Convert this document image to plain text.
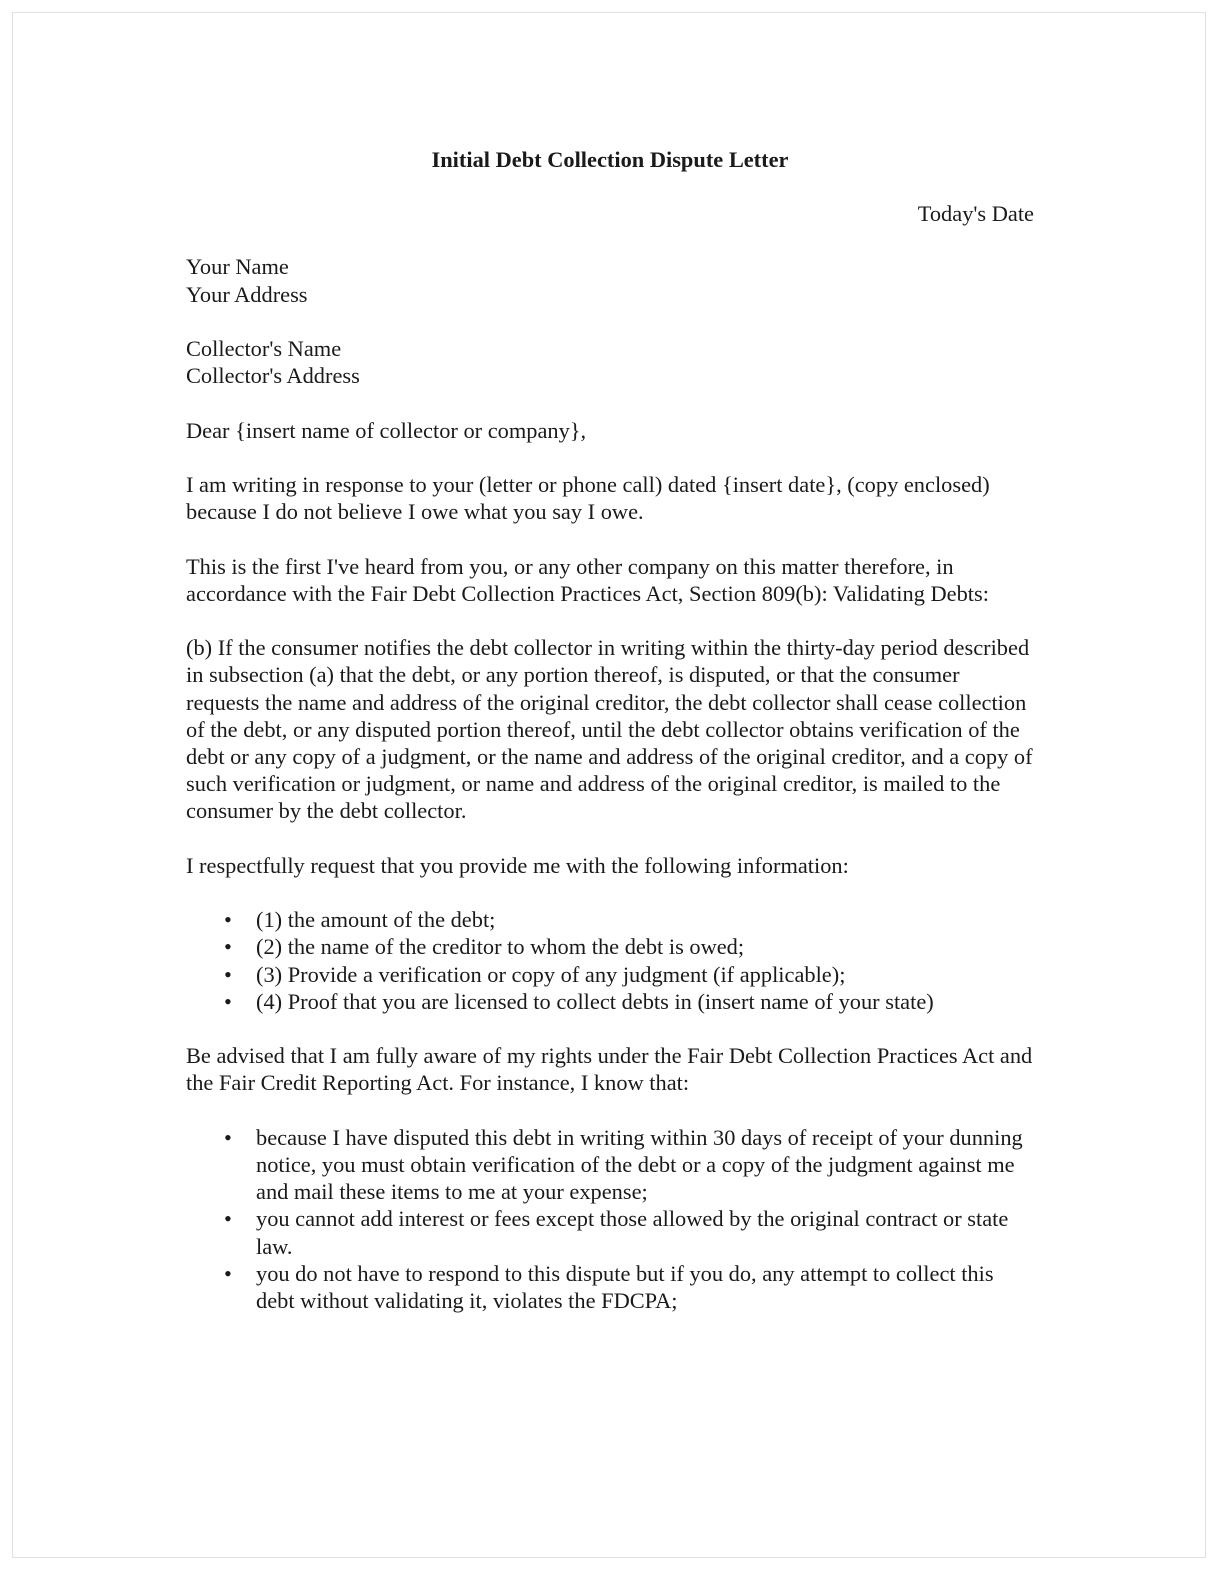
Initial Debt Collection Dispute Letter
Today's Date

Your Name
Your Address

Collector's Name
Collector's Address

Dear {insert name of collector or company},

I am writing in response to your (letter or phone call) dated {insert date}, (copy enclosed) because I do not believe I owe what you say I owe.

This is the first I've heard from you, or any other company on this matter therefore, in accordance with the Fair Debt Collection Practices Act, Section 809(b): Validating Debts:

(b) If the consumer notifies the debt collector in writing within the thirty-day period described in subsection (a) that the debt, or any portion thereof, is disputed, or that the consumer requests the name and address of the original creditor, the debt collector shall cease collection of the debt, or any disputed portion thereof, until the debt collector obtains verification of the debt or any copy of a judgment, or the name and address of the original creditor, and a copy of such verification or judgment, or name and address of the original creditor, is mailed to the consumer by the debt collector.

I respectfully request that you provide me with the following information:

• (1) the amount of the debt;
• (2) the name of the creditor to whom the debt is owed;
• (3) Provide a verification or copy of any judgment (if applicable);
• (4) Proof that you are licensed to collect debts in (insert name of your state)

Be advised that I am fully aware of my rights under the Fair Debt Collection Practices Act and the Fair Credit Reporting Act. For instance, I know that:

• because I have disputed this debt in writing within 30 days of receipt of your dunning notice, you must obtain verification of the debt or a copy of the judgment against me and mail these items to me at your expense;
• you cannot add interest or fees except those allowed by the original contract or state law.
• you do not have to respond to this dispute but if you do, any attempt to collect this debt without validating it, violates the FDCPA;
